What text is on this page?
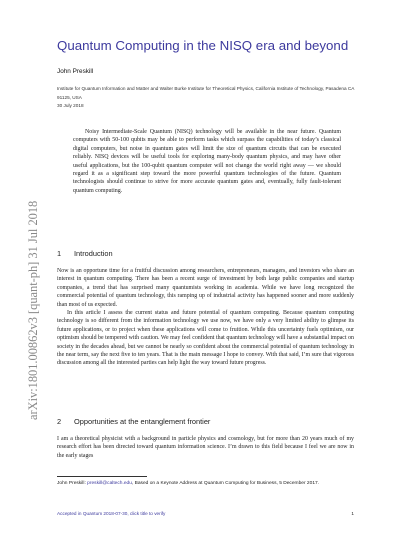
arXiv:1801.00862v3 [quant-ph] 31 Jul 2018
Quantum Computing in the NISQ era and beyond
John Preskill
Institute for Quantum Information and Matter and Walter Burke Institute for Theoretical Physics, California Institute of Technology, Pasadena CA 91125, USA
30 July 2018
Noisy Intermediate-Scale Quantum (NISQ) technology will be available in the near future. Quantum computers with 50-100 qubits may be able to perform tasks which surpass the capabilities of today’s classical digital computers, but noise in quantum gates will limit the size of quantum circuits that can be executed reliably. NISQ devices will be useful tools for exploring many-body quantum physics, and may have other useful applications, but the 100-qubit quantum computer will not change the world right away — we should regard it as a significant step toward the more powerful quantum technologies of the future. Quantum technologists should continue to strive for more accurate quantum gates and, eventually, fully fault-tolerant quantum computing.
1 Introduction

Now is an opportune time for a fruitful discussion among researchers, entrepreneurs, managers, and investors who share an interest in quantum computing. There has been a recent surge of investment by both large public companies and startup companies, a trend that has surprised many quantumists working in academia. While we have long recognized the commercial potential of quantum technology, this ramping up of industrial activity has happened sooner and more suddenly than most of us expected.

In this article I assess the current status and future potential of quantum computing. Because quantum computing technology is so different from the information technology we use now, we have only a very limited ability to glimpse its future applications, or to project when these applications will come to fruition. While this uncertainty fuels optimism, our optimism should be tempered with caution. We may feel confident that quantum technology will have a substantial impact on society in the decades ahead, but we cannot be nearly so confident about the commercial potential of quantum technology in the near term, say the next five to ten years. That is the main message I hope to convey. With that said, I’m sure that vigorous discussion among all the interested parties can help light the way toward future progress.

2 Opportunities at the entanglement frontier

I am a theoretical physicist with a background in particle physics and cosmology, but for more than 20 years much of my research effort has been directed toward quantum information science. I’m drawn to this field because I feel we are now in the early stages

John Preskill: preskill@caltech.edu, Based on a Keynote Address at Quantum Computing for Business, 5 December 2017.
Accepted in Quantum 2018-07-30, click title to verify	1
